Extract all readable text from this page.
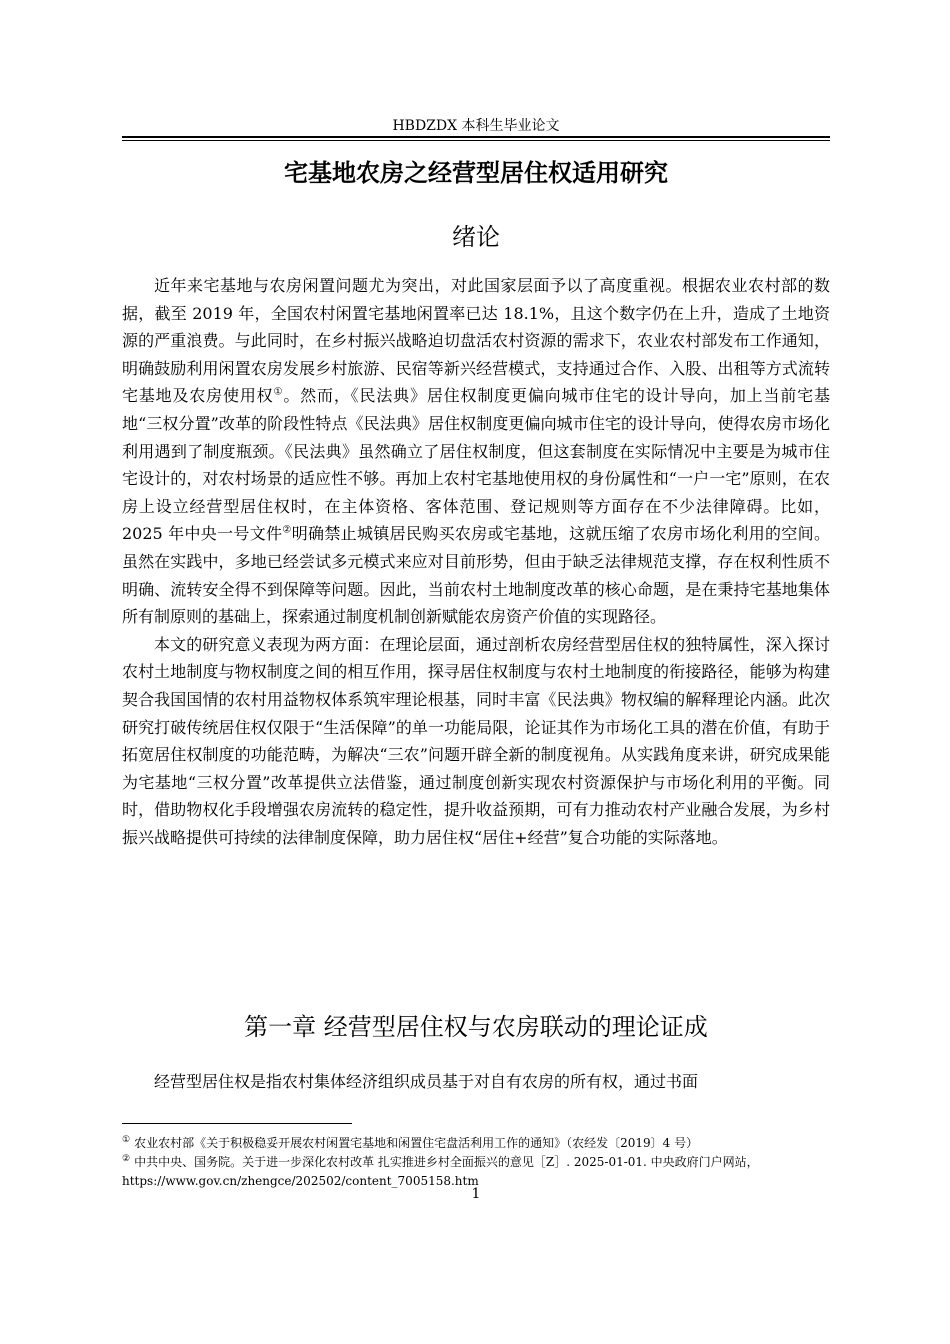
HBDZDX 本科生毕业论文
宅基地农房之经营型居住权适用研究
绪论

近年来宅基地与农房闲置问题尤为突出，对此国家层面予以了高度重视。根据农业农村部的数据，截至 2019 年，全国农村闲置宅基地闲置率已达 18.1%，且这个数字仍在上升，造成了土地资源的严重浪费。与此同时，在乡村振兴战略迫切盘活农村资源的需求下，农业农村部发布工作通知，明确鼓励利用闲置农房发展乡村旅游、民宿等新兴经营模式，支持通过合作、入股、出租等方式流转宅基地及农房使用权①。然而，《民法典》居住权制度更偏向城市住宅的设计导向，加上当前宅基地“三权分置”改革的阶段性特点《民法典》居住权制度更偏向城市住宅的设计导向，使得农房市场化利用遇到了制度瓶颈。《民法典》虽然确立了居住权制度，但这套制度在实际情况中主要是为城市住宅设计的，对农村场景的适应性不够。再加上农村宅基地使用权的身份属性和“一户一宅”原则，在农房上设立经营型居住权时，在主体资格、客体范围、登记规则等方面存在不少法律障碍。比如，2025 年中央一号文件②明确禁止城镇居民购买农房或宅基地，这就压缩了农房市场化利用的空间。虽然在实践中，多地已经尝试多元模式来应对目前形势，但由于缺乏法律规范支撑，存在权利性质不明确、流转安全得不到保障等问题。因此，当前农村土地制度改革的核心命题，是在秉持宅基地集体所有制原则的基础上，探索通过制度机制创新赋能农房资产价值的实现路径。

本文的研究意义表现为两方面：在理论层面，通过剖析农房经营型居住权的独特属性，深入探讨农村土地制度与物权制度之间的相互作用，探寻居住权制度与农村土地制度的衔接路径，能够为构建契合我国国情的农村用益物权体系筑牢理论根基，同时丰富《民法典》物权编的解释理论内涵。此次研究打破传统居住权仅限于“生活保障”的单一功能局限，论证其作为市场化工具的潜在价值，有助于拓宽居住权制度的功能范畴，为解决“三农”问题开辟全新的制度视角。从实践角度来讲，研究成果能为宅基地“三权分置”改革提供立法借鉴，通过制度创新实现农村资源保护与市场化利用的平衡。同时，借助物权化手段增强农房流转的稳定性，提升收益预期，可有力推动农村产业融合发展，为乡村振兴战略提供可持续的法律制度保障，助力居住权“居住+经营”复合功能的实际落地。

第一章 经营型居住权与农房联动的理论证成

经营型居住权是指农村集体经济组织成员基于对自有农房的所有权，通过书面

① 农业农村部《关于积极稳妥开展农村闲置宅基地和闲置住宅盘活利用工作的通知》（农经发〔2019〕4 号）

② 中共中央、国务院。关于进一步深化农村改革 扎实推进乡村全面振兴的意见［Z］. 2025-01-01. 中央政府门户网站，https://www.gov.cn/zhengce/202502/content_7005158.htm

1
